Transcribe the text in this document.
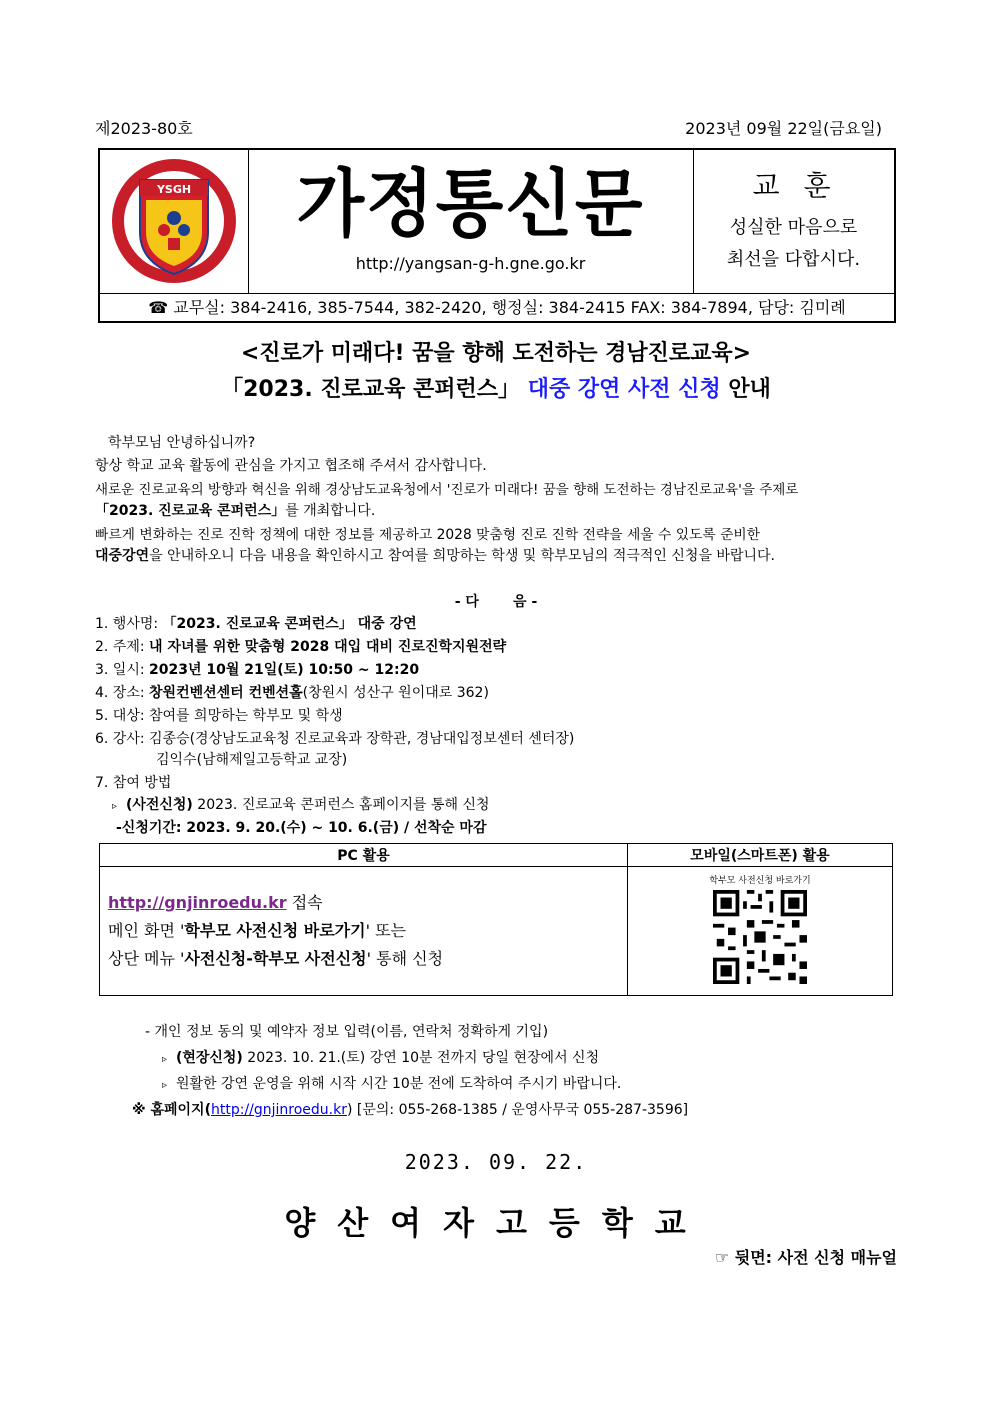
제2023-80호	2023년 09월 22일(금요일)
YSGH	가정통신문
http://yangsan-g-h.gne.go.kr
교훈
성실한 마음으로
최선을 다합시다.
☎ 교무실: 384-2416, 385-7544, 382-2420, 행정실: 384-2415 FAX: 384-7894, 담당: 김미례
<진로가 미래다! 꿈을 향해 도전하는 경남진로교육>
「2023. 진로교육 콘퍼런스」 대중 강연 사전 신청 안내
학부모님 안녕하십니까?
항상 학교 교육 활동에 관심을 가지고 협조해 주셔서 감사합니다.
새로운 진로교육의 방향과 혁신을 위해 경상남도교육청에서 '진로가 미래다! 꿈을 향해 도전하는 경남진로교육'을 주제로
「2023. 진로교육 콘퍼런스」를 개최합니다.
빠르게 변화하는 진로 진학 정책에 대한 정보를 제공하고 2028 맞춤형 진로 진학 전략을 세울 수 있도록 준비한
대중강연을 안내하오니 다음 내용을 확인하시고 참여를 희망하는 학생 및 학부모님의 적극적인 신청을 바랍니다.
- 다       음 -
1. 행사명: 「2023. 진로교육 콘퍼런스」 대중 강연
2. 주제: 내 자녀를 위한 맞춤형 2028 대입 대비 진로진학지원전략
3. 일시: 2023년 10월 21일(토) 10:50 ~ 12:20
4. 장소: 창원컨벤션센터 컨벤션홀(창원시 성산구 원이대로 362)
5. 대상: 참여를 희망하는 학부모 및 학생
6. 강사: 김종승(경상남도교육청 진로교육과 장학관, 경남대입정보센터 센터장)
김익수(남해제일고등학교 교장)
7. 참여 방법
▹ (사전신청) 2023. 진로교육 콘퍼런스 홈페이지를 통해 신청
-신청기간: 2023. 9. 20.(수) ~ 10. 6.(금) / 선착순 마감
PC 활용	모바일(스마트폰) 활용

http://gnjinroedu.kr 접속
메인 화면 '학부모 사전신청 바로가기' 또는
상단 메뉴 '사전신청-학부모 사전신청' 통해 신청	학부모 사전신청 바로가기
- 개인 정보 동의 및 예약자 정보 입력(이름, 연락처 정확하게 기입)
▹ (현장신청) 2023. 10. 21.(토) 강연 10분 전까지 당일 현장에서 신청
▹ 원활한 강연 운영을 위해 시작 시간 10분 전에 도착하여 주시기 바랍니다.
※ 홈페이지(http://gnjinroedu.kr) [문의: 055-268-1385 / 운영사무국 055-287-3596]
2023. 09. 22.
양산여자고등학교
☞ 뒷면: 사전 신청 매뉴얼
